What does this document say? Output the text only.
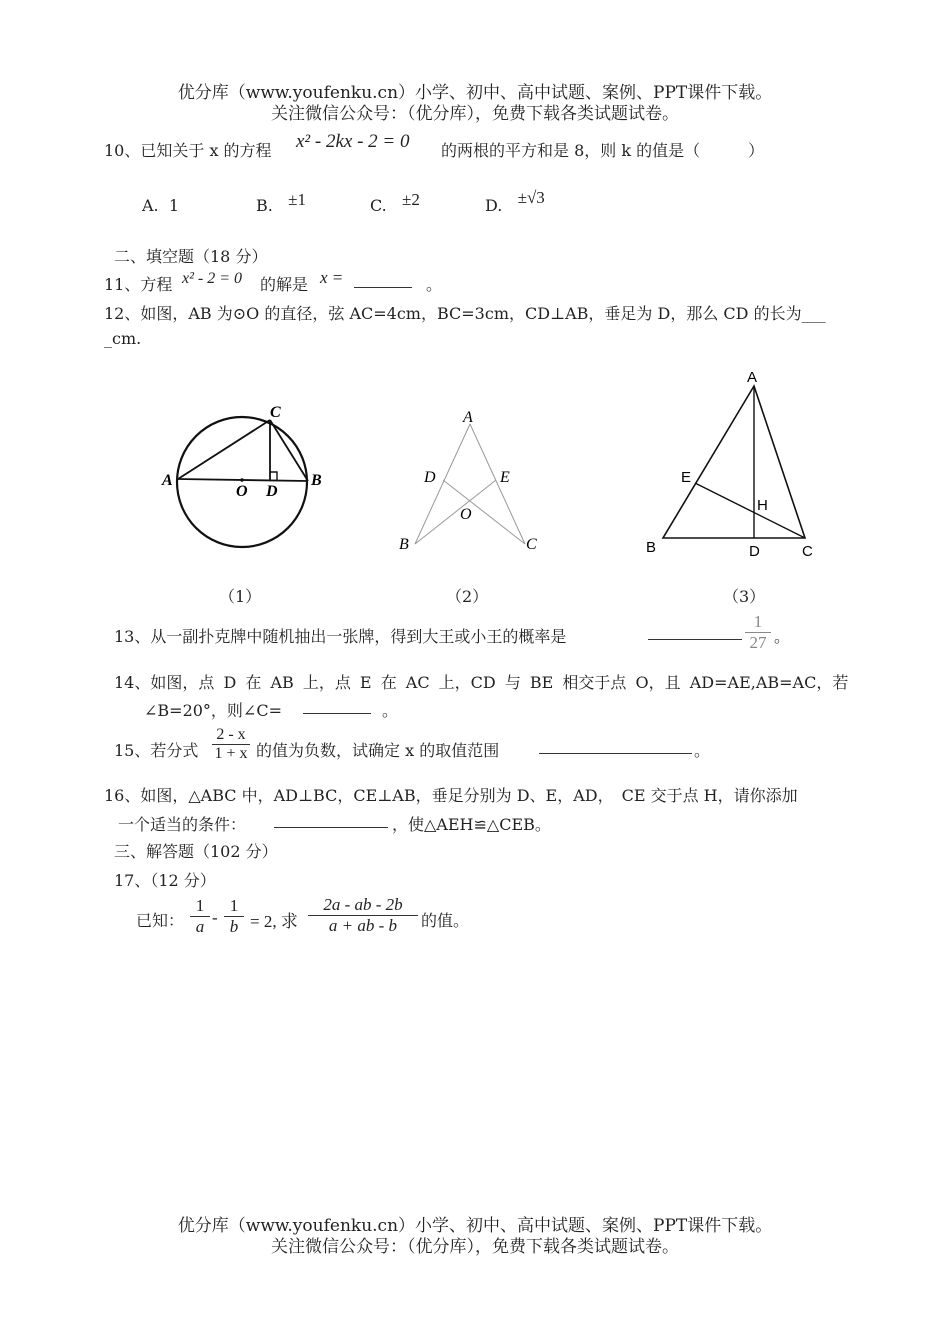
优分库（www.youfenku.cn）小学、初中、高中试题、案例、PPT课件下载。
关注微信公众号：（优分库），免费下载各类试题试卷。
10、已知关于 x 的方程 x² - 2kx - 2 = 0 的两根的平方和是 8，则 k 的值是（　　　）
A. 1	B. ±1	C. ±2	D. ±√3
二、填空题（18 分）
11、方程 x² - 2 = 0 的解是 x =	。
12、如图，AB 为⊙O 的直径，弦 AC=4cm，BC=3cm，CD⊥AB，垂足为 D，那么 CD 的长为___
_cm.
A	B
C
O D
A
B	C
D	E
O
A
B	C
D
E
H
（1）	（2）	（3）
13、从一副扑克牌中随机抽出一张牌，得到大王或小王的概率是	$\frac{1}{27}$ 。
14、如图，点 D 在 AB 上，点 E 在 AC 上，CD 与 BE 相交于点 O，且 AD=AE,AB=AC，若
∠B=20°，则∠C=	。
15、若分式 $\frac{2 - x}{1 + x}$ 的值为负数，试确定 x 的取值范围	。
16、如图，△ABC 中，AD⊥BC，CE⊥AB，垂足分别为 D、E，AD，　CE 交于点 H，请你添加
一个适当的条件：	，使△AEH≌△CEB。
三、解答题（102 分）
17、（12 分）
已知： $\frac{1}{a} - \frac{1}{b} = 2$, 求 $\frac{2a - ab - 2b}{a + ab - b}$ 的值。
优分库（www.youfenku.cn）小学、初中、高中试题、案例、PPT课件下载。
关注微信公众号：（优分库），免费下载各类试题试卷。
